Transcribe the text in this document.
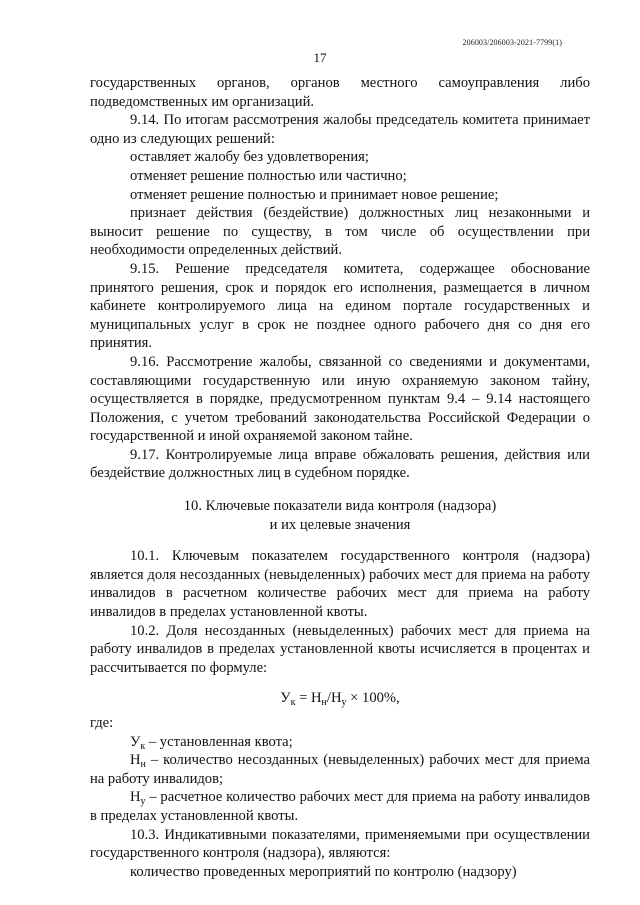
206003/206003-2021-7799(1)
17

государственных органов, органов местного самоуправления либо подведомственных им организаций.

9.14. По итогам рассмотрения жалобы председатель комитета принимает одно из следующих решений:

оставляет жалобу без удовлетворения;

отменяет решение полностью или частично;

отменяет решение полностью и принимает новое решение;

признает действия (бездействие) должностных лиц незаконными и выносит решение по существу, в том числе об осуществлении при необходимости определенных действий.

9.15. Решение председателя комитета, содержащее обоснование принятого решения, срок и порядок его исполнения, размещается в личном кабинете контролируемого лица на едином портале государственных и муниципальных услуг в срок не позднее одного рабочего дня со дня его принятия.

9.16. Рассмотрение жалобы, связанной со сведениями и документами, составляющими государственную или иную охраняемую законом тайну, осуществляется в порядке, предусмотренном пунктам 9.4 – 9.14 настоящего Положения, с учетом требований законодательства Российской Федерации о государственной и иной охраняемой законом тайне.

9.17. Контролируемые лица вправе обжаловать решения, действия или бездействие должностных лиц в судебном порядке.

10. Ключевые показатели вида контроля (надзора)
и их целевые значения

10.1. Ключевым показателем государственного контроля (надзора) является доля несозданных (невыделенных) рабочих мест для приема на работу инвалидов в расчетном количестве рабочих мест для приема на работу инвалидов в пределах установленной квоты.

10.2. Доля несозданных (невыделенных) рабочих мест для приема на работу инвалидов в пределах установленной квоты исчисляется в процентах и рассчитывается по формуле:

$У_к = Н_н/Н_у \times 100\%$,

где:

$У_к$ – установленная квота;

$Н_н$ – количество несозданных (невыделенных) рабочих мест для приема на работу инвалидов;

$Н_у$ – расчетное количество рабочих мест для приема на работу инвалидов в пределах установленной квоты.

10.3. Индикативными показателями, применяемыми при осуществлении государственного контроля (надзора), являются:

количество проведенных мероприятий по контролю (надзору)
